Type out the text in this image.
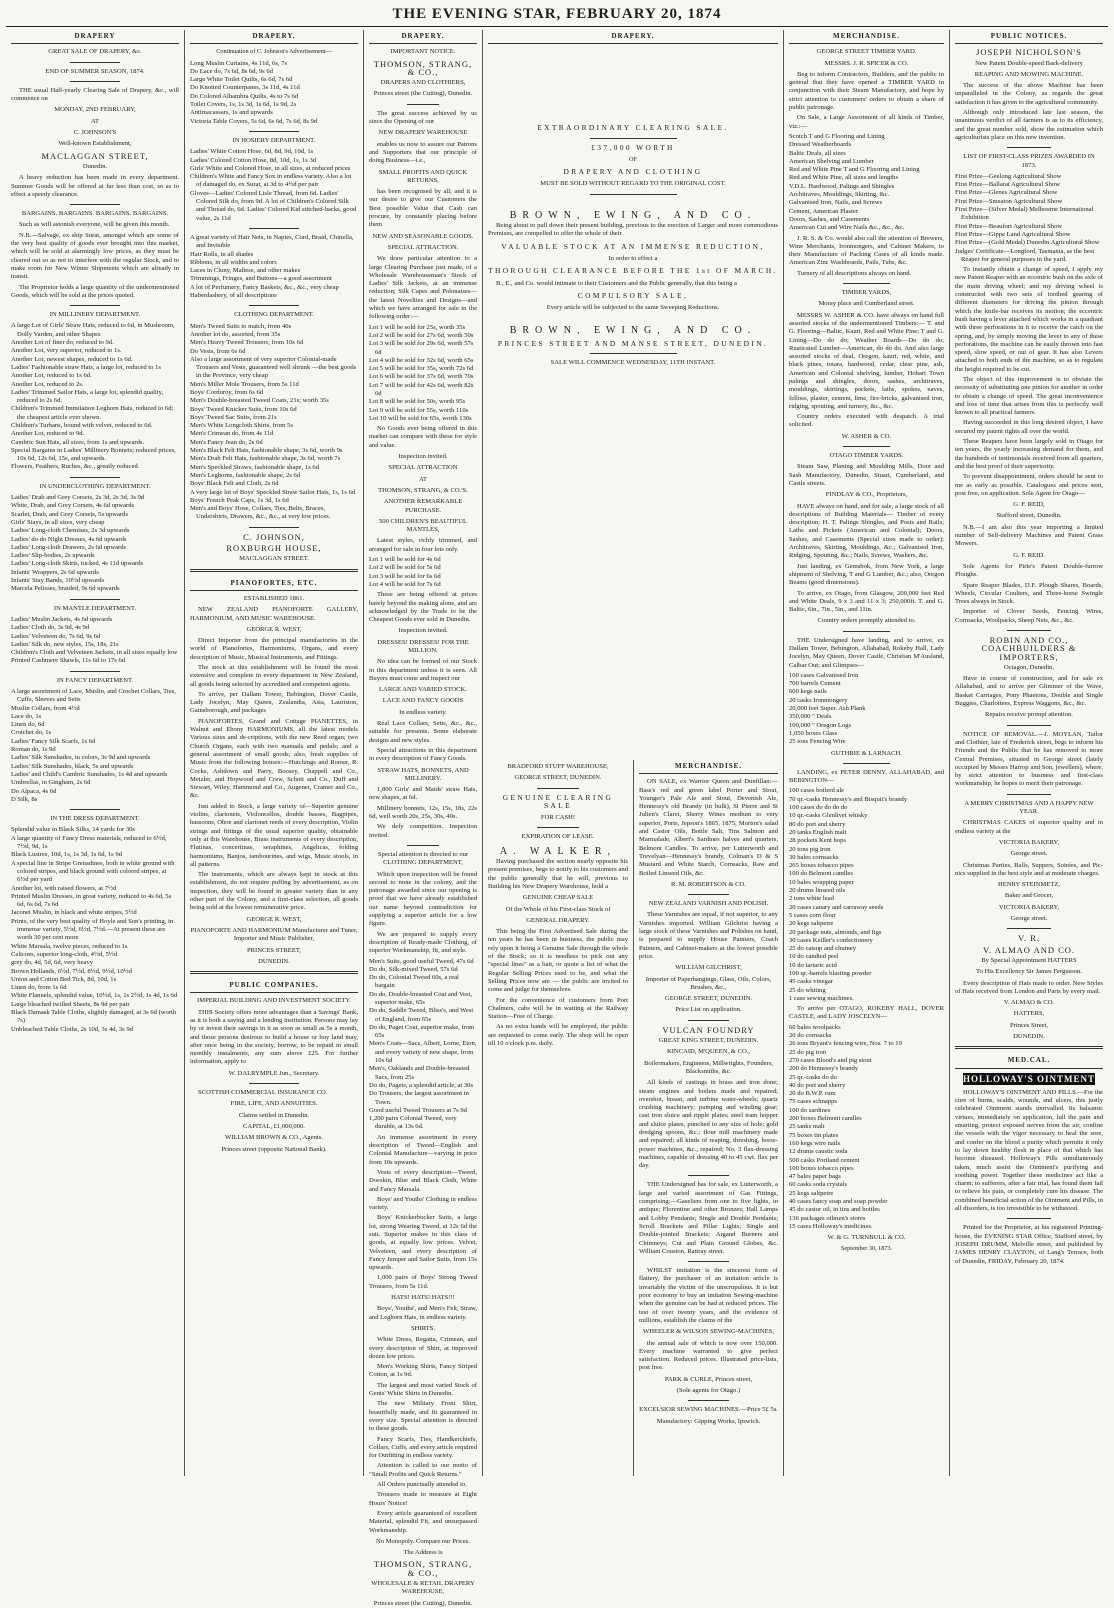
THE EVENING STAR, FEBRUARY 20, 1874
DRAPERY

GREAT SALE OF DRAPERY, &c.

END OF SUMMER SEASON, 1874.

THE usual Half-yearly Clearing Sale of Drapery, &c., will commence on

MONDAY, 2ND FEBRUARY,

AT

C. JOHNSON'S

Well-known Establishment,

MACLAGGAN STREET,

Dunedin.

A heavy reduction has been made in every department. Summer Goods will be offered at far less than cost, so as to effect a speedy clearance.

BARGAINS. BARGAINS. BARGAINS. BARGAINS.

Such as will astonish everyone, will be given this month.

N.B.—Salvage, ex ship Surat, amongst which are some of the very best quality of goods ever brought into this market, which will be sold at alarmingly low prices, as they must be cleared out so as not to interfere with the regular Stock, and to make room for New Winter Shipments which are already in transit.

The Proprietor holds a large quantity of the undermentioned Goods, which will be sold at the prices quoted.

IN MILLINERY DEPARTMENT.

A large Lot of Girls' Straw Hats, reduced to 6d, in Mushroom, Dolly Varden, and other Shapes

Another Lot of finer do, reduced to 9d.

Another Lot, very superior, reduced to 1s.

Another Lot, newest shapes, reduced to 1s 6d.

Ladies' Fashionable straw Hats, a large lot, reduced to 1s

Another Lot, reduced to 1s 6d.

Another Lot, reduced to 2s.

Ladies' Trimmed Sailor Hats, a large lot, splendid quality, reduced to 2s 6d.

Children's Trimmed Immitation Leghorn Hats, reduced to 6d; the cheapest article ever shown.

Children's Turbans, bound with velvet, reduced to 6d.

Another Lot, reduced to 9d.

Cambric Sun Hats, all sizes, from 1s and upwards.

Special Bargains in Ladies' Millinery Bonnets; reduced prices, 10s 6d, 12s 6d, 15s, and upwards.

Flowers, Feathers, Ruches, &c., greatly reduced.

IN UNDERCLOTHING DEPARTMENT.

Ladies' Drab and Grey Corsets, 2s 3d, 2s 3d, 3s 9d

White, Drab, and Grey Corsets, 4s 6d upwards

Scarlet, Drab, and Grey Corsets, 5s upwards

Girls' Stays, in all sizes, very cheap

Ladies' Long-cloth Chemises, 2s 3d upwards

Ladies' do do Night Dresses, 4s 6d upwards

Ladies' Long-cloth Drawers, 2s 6d upwards

Ladies' Slip-bodies, 2s upwards

Ladies' Long-cloth Skirts, tucked, 4s 11d upwards

Infants' Wrappers, 2s 6d upwards

Infants' Stay Bands, 10½d upwards

Marcela Pelisses, braided, 9s 6d upwards

IN MANTLE DEPARTMENT.

Ladies' Muslin Jackets, 4s 6d upwards

Ladies' Cloth do, 3s 9d, 4s 9d

Ladies' Velveteen do, 7s 6d, 9s 6d

Ladies' Silk do, new styles, 15s, 18s, 21s

Children's Cloth and Velveteen Jackets, in all sizes equally low

Printed Cashmere Shawls, 11s 6d to 17s 6d

IN FANCY DEPARTMENT.

A large assortment of Lace, Muslin, and Crochet Collars, Ties, Cuffs, Sleeves and Setts

Muslin Collars, from 4½d

Lace do, 1s

Linen do, 6d

Crotchet do, 1s

Ladies' Fancy Silk Scarfs, 1s 6d

Roman do, 1s 9d

Ladies' Silk Sunshades, in colors, 3s 9d and upwards

Ladies' Silk Sunshades, black, 5s and upwards

Ladies' and Child's Cambric Sunshades, 1s 4d and upwards

Umbrellas, in Gingham, 2s 6d

Do Alpaca, 4s 6d

D Silk, 8s

IN THE DRESS DEPARTMENT.

Splendid value in Black Silks, 14 yards for 30s

A large quantity of Fancy Dress materials, reduced to 6½d, 7½d, 9d, 1s

Black Lustres, 10d, 1s, 1s 3d, 1s 6d, 1s 9d

A special line in Stripe Grenadines, both in white ground with colored stripes, and black ground with colored stripes, at 6½d per yard

Another lot, with raised flowers, at 7½d

Printed Muslin Dresses, in great variety, reduced to 4s 6d, 5s 6d, 6s 6d, 7s 6d

Jaconet Muslin, in black and white stripes, 5½d

Prints, of the very best quality of Hoyle and Son's printing, in immense variety, 5½d, 6½d, 7½d.—At present these are worth 30 per cent more

White Marsala, twelve pieces, reduced to 1s

Calicoes, superior long-cloth, 4½d, 5½d

grey do, 4d, 5d, 6d, very heavy

Brown Hollands, 6½d, 7½d, 8½d, 9½d, 10½d

Union and Cotton Bed Tick, 8d, 10d, 1s

Linen do, from 1s 6d

White Flannels, splendid value, 10½d, 1s, 1s 2½d, 1s 4d, 1s 6d

Large bleached twilled Sheets, 8s 9d per pair

Black Damask Table Cloths, slightly damaged, at 3s 6d (worth 7s)

Unbleached Table Cloths, 2s 10d, 3s 4d, 3s 9d

DRAPERY.

Continuation of C. Johnson's Advertisement—

Long Muslin Curtains, 4s 11d, 6s, 7s

Do Lace do, 7s 6d, 8s 6d, 9s 6d

Large White Toilet Quilts, 6s 6d, 7s 6d

Do Knotted Counterpanes, 3s 11d, 4s 11d

Do Colored Alhambra Quilts, 4s to 7s 6d

Toilet Covers, 1s, 1s 3d, 1s 6d, 1s 9d, 2s

Antimacassars, 1s and upwards

Victoria Table Covers, 5s 6d, 6s 6d, 7s 6d, 8s 9d

IN HOSIERY DEPARTMENT.

Ladies' White Cotton Hose, 6d, 8d, 9d, 10d, 1s

Ladies' Colored Cotton Hose, 8d, 10d, 1s, 1s 3d

Girls' White and Colored Hose, in all sizes, at reduced prices

Children's White and Fancy Sox in endless variety. Also a lot of damaged do, ex Surat, at 3d to 4½d per pair

Gloves—Ladies' Colored Lisle Thread, from 6d. Ladies' Colored Silk do, from 9d. A lot of Children's Colored Silk and Thread do, 6d. Ladies' Colored Kid stitched-backs, good value, 2s 11d

A great variety of Hair Nets, in Napies, Cord, Braid, Chinella, and Invisible

Hair Rolls, in all shades

Ribbons, in all widths and colors

Laces in Cluny, Maltese, and other makes

Trimmings, Fringes, and Buttons—a good assortment

A lot of Perfumery, Fancy Baskets, &c., &c., very cheap

Haberdashery, of all descriptions

CLOTHING DEPARTMENT.

Men's Tweed Suits to match, from 40s

Another lot do, assorted, from 35s

Men's Heavy Tweed Trousers, from 10s 6d

Do Vests, from 6s 6d

Also a large assortment of very superior Colonial-made Trousers and Vests, guaranteed well shrunk —the best goods in the Province, very cheap

Men's Miller Mole Trousers, from 5s 11d

Boys' Corduroy, from 6s 6d

Men's Double-breasted Tweed Coats, 21s; worth 35s

Boys' Tweed Knicker Suits, from 10s 6d

Boys' Tweed Sac Suits, from 21s

Men's White Longcloth Shirts, from 5s

Men's Crimean do, from 4s 11d

Men's Fancy Jean do, 2s 6d

Men's Black Felt Hats, fashionable shape, 3s 6d, worth 9s

Men's Drab Felt Hats, fashionable shape, 3s 6d, worth 7s

Men's Speckled Straws, fashionable shape, 1s 6d

Men's Leghorns, fashionable shape, 2s 6d

Boys' Black Felt and Cloth, 2s 6d

A very large lot of Boys' Speckled Straw Sailor Hats, 1s, 1s 6d

Boys' French Peak Caps, 1s 3d, 1s 6d

Men's and Boys' Hose, Collars, Ties, Belts, Braces, Undershirts, Drawers, &c., &c., at very low prices.

C. JOHNSON,

ROXBURGH HOUSE,

MACLAGGAN STREET.

PIANOFORTES, ETC.

ESTABLISHED 1861.

NEW ZEALAND PIANOFORTE GALLERY, HARMONIUM, AND MUSIC WAREHOUSE.

GEORGE R. WEST,

Direct Importer from the principal manufactories in the world of Pianofortes, Harmoniums, Organs, and every description of Music, Musical Instruments, and Fittings.

The stock at this establishment will be found the most extensive and complete in every department in New Zealand, all goods being selected by accredited and competent agents.

To arrive, per Dallam Tower, Bebington, Dover Castle, Lady Jocelyn, May Queen, Zealandia, Asia, Lauriston, Gainsborough, and packages

PIANOFORTES, Grand and Cottage PIANETTES, in Walnut and Ebony HARMONIUMS, all the latest models Various sizes and de-criptions, with the new Reed organ; two Church Organs, each with two manuals and pedals; and a general assortment of small goods; also, fresh supplies of Music from the following houses:—Hutchings and Romer, R. Cocks, Ashdown and Parry, Boosey, Chappell and Co., Metzler, and Hopwood and Crew, Schott and Co., Duff and Stewart, Wiley, Hammond and Co., Augener, Cramer and Co., &c.

Just added to Stock, a large variety of—Superior genuine violins, clarionets, Violoncellos, double basses, Bagpipes, bassoons, Oboe and clarionet reeds of every description, Violin strings and fittings of the usual superior quality, obtainable only at this Warehouse, Brass instruments of every description, Flutinas, concertinas, seraphines, Angelicas, folding harmoniums, Banjos, tambourines, and wigs, Music stools, in all patterns.

The instruments, which are always kept in stock at this establishment, do not require puffing by advertisement, as on inspection, they will be found in greater variety than in any other part of the Colony, and a first-class selection, all goods being sold at the lowest remunerative price.

GEORGE R. WEST,

PIANOFORTE AND HARMONIUM Manufacturer and Tuner, Importer and Music Publisher,

PRINCES STREET,

DUNEDIN.

PUBLIC COMPANIES.

IMPERIAL BUILDING AND INVESTMENT SOCIETY.

THIS Society offers more advantages than a Savings' Bank, as it is both a saving and a lending institution. Persons may lay by or invest their savings in it as soon as small as 5s a month, and those persons desirous to build a house or buy land may, after once being in the society, borrow, to be repaid in small monthly instalments, any sum above £25. For further information, apply to

W. DALRYMPLE Jun., Secretary.

SCOTTISH COMMERCIAL INSURANCE CO.

FIRE, LIFE, AND ANNUITIES.

Claims settled in Dunedin.

CAPITAL, £1,000,000.

WILLIAM BROWN & CO., Agents.

Princes street (opposite National Bank).

DRAPERY.

IMPORTANT NOTICE.

THOMSON, STRANG, & CO.,

DRAPERS AND CLOTHIERS,

Princes street (the Cutting), Dunedin.

The great success achieved by us since the Opening of our

NEW DRAPERY WAREHOUSE

enables us now to assure our Patrons and Supporters that our principle of doing Business—i.e.,

SMALL PROFITS AND QUICK RETURNS,

has been recognised by all; and it is our desire to give our Customers the Best possible Value that Cash can procure, by constantly placing before them

NEW AND SEASONABLE GOODS.

SPECIAL ATTRACTION.

We draw particular attention to a large Clearing Purchase just made, of a Wholesale Warehouseman's Stock of Ladies' Silk Jackets, at an immense reduction; Silk Capes and Polonaises—the latest Novelties and Designs—and which we have arranged for sale in the following order:—

Lot 1 will be sold for 25s, worth 35s

Lot 2 will be sold for 27s 6d, worth 50s

Lot 3 will be sold for 29s 6d, worth 57s 6d

Lot 4 will be sold for 32s 6d, worth 65s

Lot 5 will be sold for 35s, worth 72s 6d

Lot 6 will be sold for 37s 6d, worth 70s

Lot 7 will be sold for 42s 6d, worth 82s 6d

Lot 8 will be sold for 50s, worth 95s

Lot 9 will be sold for 55s, worth 110s

Lot 10 will be sold for 65s, worth 130s

No Goods ever being offered in this market can compare with these for style and value.

Inspection invited.

SPECIAL ATTRACTION

AT

THOMSON, STRANG, & CO.'S.

ANOTHER REMARKABLE PURCHASE.

500 CHILDREN'S BEAUTIFUL MANTLES,

Latest styles, richly trimmed, and arranged for sale in four lots only.

Lot 1 will be sold for 4s 6d

Lot 2 will be sold for 5s 6d

Lot 3 will be sold for 6s 6d

Lot 4 will be sold for 7s 6d

These are being offered at prices barely beyond the making alone, and are acknowledged by the Trade to be the Cheapest Goods ever sold in Dunedin.

Inspection invited.

DRESSES! DRESSES! FOR THE MILLION.

No idea can be formed of our Stock in this department unless it is seen. All Buyers must come and inspect our

LARGE AND VARIED STOCK.

LACE AND FANCY GOODS

In endless variety.

Real Lace Collars, Setts, &c., &c., suitable for presents. Some elaborate designs and new styles.

Special attractions in this department in every description of Fancy Goods.

STRAW HATS, BONNETS, AND MILLINERY.

1,800 Girls' and Maids' straw Hats, new shapes, at 6d.

Millinery bonnets, 12s, 15s, 18s, 22s 6d, well worth 20s, 25s, 30s, 40s.

We defy competition. Inspection invited.

Special attention is directed to our CLOTHING DEPARTMENT,

Which upon inspection will be found second to none in the colony, and the patronage awarded since our opening is proof that we have already established our name beyond contradiction for supplying a superior article for a low figure.

We are prepared to supply every description of Ready-made Clothing, of superior Workmanship, fit, and style.

Men's Suits, good useful Tweed, 47s 6d

Do do, Silk-mixed Tweed, 57s 6d

Do do, Colonial Tweed 60s, a real bargain

Do do, Double-breasted Coat and Vest, superior make, 65s

Do do, Saddle Tweed, Bliss's, and West of England, from 65s

Do do, Paget Coat, superior make, from 65s

Men's Coats—Sacs, Albert, Lorne, Eton, and every variety of new shape, from 10s 6d

Men's, Oaklands and Double-breasted Sacs, from 25s

Do do, Pagets, a splendid article, at 30s

Do Trousers, the largest assortment in Town.

Good useful Tweed Trousers at 7s 9d

1,200 pairs Colonial Tweed, very durable, at 13s 6d.

An immense assortment in every description of Tweed—English and Colonial Manufacture—varying in price from 10s upwards.

Vests of every description—Tweed, Doeskin, Blue and Black Cloth, White and Fancy Marsala.

Boys' and Youths' Clothing in endless variety.

Boys' Knickerbocker Suits, a large lot, strong Wearing Tweed, at 12s 6d the suit. Superior makes in this class of goods, at equally low prices. Velvet, Velveteen, and every description of Fancy Jumper and Sailor Suits, from 15s upwards.

1,000 pairs of Boys' Strong Tweed Trousers, from 5s 11d.

HATS! HATS! HATS!!!

Boys', Youths', and Men's Felt, Straw, and Leghorn Hats, in endless variety.

SHIRTS.

White Dress, Regatta, Crimean, and every description of Shirt, at improved dozen low prices.

Men's Working Shirts, Fancy Striped Cotton, at 1s 9d.

The largest and most varied Stock of Gents' White Shirts in Dunedin.

The new Military Front Shirt, beautifully made, and fit guaranteed in every size. Special attention is directed to these goods.

Fancy Scarfs, Ties, Handkerchiefs, Collars, Cuffs, and every article required for Outfitting in endless variety.

Attention is called to our motto of "Small Profits and Quick Returns."

All Orders punctually attended to.

Trousers made to measure at Eight Hours' Notice!

Every article guaranteed of excellent Material, splendid Fit, and unsurpassed Workmanship.

No Monopoly. Compare our Prices.

The Address is

THOMSON, STRANG, & CO.,

WHOLESALE & RETAIL DRAPERY WAREHOUSE,

Princes street (the Cutting), Dunedin.

DRAPERY.

EXTRAORDINARY CLEARING SALE.

£37,000 WORTH

OF

DRAPERY AND CLOTHING

MUST BE SOLD WITHOUT REGARD TO THE ORIGINAL COST.

BROWN, EWING, AND CO.

Being about to pull down their present building, previous to the erection of Larger and more commodious Premises, are compelled to offer the whole of their

VALUABLE STOCK AT AN IMMENSE REDUCTION,

In order to effect a

THOROUGH CLEARANCE BEFORE THE 1st OF MARCH.

B., E., and Co. would intimate to their Customers and the Public generally, that this being a

COMPULSORY SALE,

Every article will be subjected to the same Sweeping Reductions.

BROWN, EWING, AND CO.

PRINCES STREET AND MANSE STREET, DUNEDIN.

SALE WILL COMMENCE WEDNESDAY, 11TH INSTANT.

BRADFORD STUFF WAREHOUSE,

GEORGE STREET, DUNEDIN.

GENUINE CLEARING SALE

FOR CASH!

EXPIRATION OF LEASE.

A. WALKER,

Having purchased the section nearly opposite his present premises, begs to notify to his customers and the public generally that he will, previous to Building his New Drapery Warehouse, hold a

GENUINE CHEAP SALE

Of the Whole of his First-class Stock of

GENERAL DRAPERY.

This being the First Advertised Sale during the ten years he has been in business, the public may rely upon it being a Genuine Sale through the whole of the Stock; so it is needless to pick out any "special lines" as a bait, or quote a list of what the Regular Selling Prices used to be, and what the Selling Prices now are — the public are invited to come and judge for themselves.

For the convenience of customers from Port Chalmers, cabs will be in waiting at the Railway Station—Free of Charge.

As no extra hands will be employed, the public are requested to come early. The shop will be open till 10 o'clock p.m. daily.

MERCHANDISE.

ON SALE, ex Warrior Queen and Dunfillan:—Bass's red and green label Porter and Stout, Younger's Pale Ale and Stout, Devenish Ale, Hennessy's old Brandy (in bulk), St Pierre and St Julien's Claret, Sherry Wines medium to very superior, Ports, Jepson's 1865, 1875, Morton's salad and Castor Oils, Bottle Salt, Tins Salmon and Marmalade, Albert's Sardines halves and quarters, Belmont Candles. To arrive, per Lutterworth and Trevelyan—Hennessy's brandy, Colman's D & S Mustard and White Starch, Cornsacks, Raw and Boiled Linseed Oils, &c.

R. M. ROBERTSON & CO.

NEW ZEALAND VARNISH AND POLISH.

These Varnishes are equal, if not superior, to any Varnishes imported. William Gilchrist having a large stock of these Varnishes and Polishes on hand, is prepared to supply House Painters, Coach Painters, and Cabinet-makers at the lowest possible price.

WILLIAM GILCHRIST,

Importer of Paperhangings, Glass, Oils, Colors, Brushes, &c.,

GEORGE STREET, DUNEDIN.

Price List on application.

VULCAN FOUNDRY

GREAT KING STREET, DUNEDIN.

KINCAID, M'QUEEN, & CO.,

Boilermakers, Engineers, Millwrights, Founders, Blacksmiths, &c.

All kinds of castings in brass and iron done; steam engines and boilers made and repaired; overshot, breast, and turbine water-wheels; quartz crushing machinery; pumping and winding gear; cast iron sluice and ripple plates; steel tram hopper and sluice plates, punched to any size of hole; gold dredging spoons, &c.; flour mill machinery made and repaired; all kinds of reaping, threshing, horse-power machines, &c., repaired; No. 3 flax-dressing machines, capable of dressing 40 to 45 cwt. flax per day.

THE Undersigned has for sale, ex Lutterworth, a large and varied assortment of Gas Fittings, comprising:—Gaseliers from one to five lights, in antique; Florentine and other Bronzes; Hall Lamps and Lobby Pendants; Single and Double Pendants; Scroll Brackets and Pillar Lights; Single and Double-jointed Brackets; Argand Burners and Chimneys; Cut and Plain Ground Globes, &c. William Couston, Rattray street.

WHILST imitation is the sincerest form of flattery, the purchaser of an imitation article is invariably the victim of the unscrupulous. It is but poor economy to buy an imitation Sewing-machine when the genuine can be had at reduced prices. The test of over twenty years, and the evidence of millions, establish the claims of the

WHEELER & WILSON SEWING-MACHINES,

the annual sale of which is now over 150,000. Every machine warranted to give perfect satisfaction. Reduced prices. Illustrated price-lists, post free.

PARK & CURLE, Princes street,

(Sole agents for Otago.)

EXCELSIOR SEWING MACHINES.—Price 5£ 5s.

Manufactory: Gipping Works, Ipswich.

MERCHANDISE.

GEORGE STREET TIMBER YARD.

MESSRS. J. R. SPICER & CO.

Beg to inform Contractors, Builders, and the public in general that they have opened a TIMBER YARD in conjunction with their Steam Manufactory, and hope by strict attention to customers' orders to obtain a share of public patronage.

On Sale, a Large Assortment of all kinds of Timber, viz.:—

Scotch T and G Flooring and Lining

Dressed Weatherboards

Baltic Deals, all sizes

American Shelving and Lumber

Red and White Pine T and G Flooring and Lining

Red and White Pine, all sizes and lengths

V.D.L. Hardwood, Palings and Shingles

Architraves, Mouldings, Skirting, &c.

Galvanised Iron, Nails, and Screws

Cement, American Plaster

Doors, Sashes, and Casements

American Cut and Wire Nails &c., &c., &c.

J. R. S. & Co. would also call the attention of Brewers, Wine Merchants, Ironmongers, and Cabinet Makers, to their Manufacture of Packing Cases of all kinds made. American Zinc Washboards, Pails, Tubs, &c.

Turnery of all descriptions always on hand.

TIMBER YARDS,

Moray place and Cumberland street.

MESSRS W. ASHER & CO. have always on hand full assorted stocks of the undermentioned Timbers:— T. and G. Flooring—Baltic, Kauri, Red and White Pine; T and G. Lining—Do do do; Weather Boards—Do do do; Rusticated Lumber—American, do do do. And also large assorted stocks of deal, Oregon, kauri, red, white, and black pines, totara, hardwood, cedar, clear pine, ash, American and Colonial shelving, lumber, Hobart Town palings and shingles, doors, sashes, architraves, mouldings, skirtings, pockets, laths, spokes, naves, felloes, plaster, cement, lime, fire-bricks, galvanised iron, ridging, spouting, and turnery, &c., &c.

Country orders executed with despatch. A trial solicited.

W. ASHER & CO.

OTAGO TIMBER YARDS.

Steam Saw, Planing and Moulding Mills, Door and Sash Manufactory, Dunedin, Stuart, Cumberland, and Castle streets.

FINDLAY & CO., Proprietors,

HAVE always on hand, and for sale, a large stock of all descriptions of Building Materials— Timber of every description; H. T. Palings Shingles, and Posts and Rails; Laths and Pickets (American and Colonial); Doors, Sashes, and Casements (Special sizes made to order); Architraves, Skirting, Mouldings, &c.; Galvanised Iron, Ridging, Spouting, &c.; Nails, Screws, Washers, &c.

Just landing, ex Gemsbok, from New York, a large shipment of Shelving, T and G Lumber, &c.; also, Oregon Beams (good dimensions).

To arrive, ex Otago, from Glasgow, 200,000 feet Red and White Deals, 9 x 3 and 11 x 3; 250,000ft. T. and G. Baltic, 6in., 7in., 5in., and 11in.

Country orders promptly attended to.

THE Undersigned have landing, and to arrive, ex Dallam Tower, Bebington, Allahabad, Rokeby Hall, Lady Jocelyn, May Queen, Dover Castle, Christian M'Ausland, Calbar Out; and Glimpses—

100 cases Galvanised Iron

700 barrels Cement

600 kegs nails

20 casks Ironmongery

20,000 feet Super. Ash Plank

350,000 " Deals

100,000 " Oregon Logs

1,050 boxes Glass

25 tons Fencing Wire

GUTHRIE & LARNACH.

LANDING, ex PETER DENNY, ALLAHABAD, and BEBINGTON—

100 cases boilerd ale

70 qr.-casks Hennessy's and Bisquit's brandy

100 cases do do do do

10 qr.-casks Glenlivet whisky

80 do port and sherry

20 tanks English malt

28 pockets Kent hops

20 tons pig iron

30 bales cornsacks

265 boxes tobacco pipes

100 do Belmont candles

10 bales wrapping paper

20 drums linseed oils

2 tons white lead

20 cases canary and carraway seeds

5 cases corn flour

20 kegs saltpetre

20 package nuts, almonds, and figs

30 cases Keiller's confectionery

25 do catsup and chutney

10 do candied peel

10 do tartaric acid

100 qr.-barrels blasting powder

45 casks vinegar

25 do whiting

1 case sewing machines.

To arrive per OTAGO, ROKEBY HALL, DOVER CASTLE, and LADY JOSCELYN—

60 bales woolpacks

20 do cornsacks

26 tons Bryant's fencing wire, Nos. 7 to 19

25 do pig iron

270 cases Blood's and pig stout

200 do Hennessy's brandy

25 qr.-casks do do

40 do port and sherry

20 do B.W.P. rum

75 cases schnapps

100 do sardines

200 boxes Belmont candles

25 tanks malt

75 boxes tin plates

160 kegs wire nails

12 drums caustic soda

500 casks Portland cement

100 boxes tobacco pipes

47 bales paper bags

60 casks soda crystals

25 kegs saltpetre

40 cases fancy soap and soap powder

45 do castor oil, in tins and bottles

136 packages oilmen's stores

15 cases Holloway's medicines.

W. & G. TURNBULL & CO.

September 30, 1873.

PUBLIC NOTICES.

JOSEPH NICHOLSON'S

New Patent Double-speed Back-delivery

REAPING AND MOWING MACHINE.

The success of the above Machine has been unparalleled in the Colony, as regards the great satisfaction it has given to the agricultural community.

Although only introduced late last season, the unanimous verdict of all farmers is as to its efficiency, and the great number sold, show the estimation which agriculturists place on this new invention.

LIST OF FIRST-CLASS PRIZES AWARDED IN 1873.

First Prize—Geelong Agricultural Show

First Prize—Ballarat Agricultural Show

First Prize—Glenes Agricultural Show

First Prize—Smeaton Agricultural Show

First Prize—(Silver Medal) Melbourne International Exhibition

First Prize—Beaufort Agricultural Show

First Prize—Gippe Land Agricultural Show

First Prize—(Gold Medal) Dunedin Agricultural Show

Judges' Certificate—Longford, Tasmania, as the best Reaper for general purposes in the yard.

To instantly obtain a change of speed, I apply my new Patent Reaper with an eccentric bush on the axle of the main driving wheel; and my driving wheel is constructed with two sets of toothed gearing of different diameters for driving the pinion through which the knife-bar receives its motion; the eccentric bush having a lever attached which works in a quadrant with three perforations in it to receive the catch on the spring, and, by simply moving the lever to any of these perforations, the machine can be easily thrown into fast speed, slow speed, or out of gear. It has also Levers attached to both ends of the machine, so as to regulate the height required to be cut.

The object of this improvement is to obviate the necessity of substituting one pinion for another in order to obtain a change of speed. The great inconvenience and loss of time that arises from this is perfectly well known to all practical farmers.

Having succeeded in this long desired object, I have secured my patent rights all over the world.

These Reapers have been largely sold in Otago for ten years, the yearly increasing demand for them, and the hundreds of testimonials received from all quarters, and the best proof of their superiority.

To prevent disappointment, orders should be sent to me as early as possible. Catalogues and prices sent, post free, on application. Sole Agent for Otago—

G. F. REID,

Stafford street, Dunedin.

N.B.—I am also this year importing a limited number of Self-delivery Machines and Patent Grass Mowers.

G. F. REID.

Sole Agents for Pirie's Patent Double-furrow Ploughs.

Spare Reaper Blades, D.F. Plough Shares, Boards, Wheels, Circular Coulters, and Three-horse Swingle Trees always in Stock.

Importer of Clover Seeds, Fencing Wires, Cornsacks, Woolpacks, Sheep Nets, &c., &c.

ROBIN AND CO., COACHBUILDERS & IMPORTERS,

Octagon, Dunedin,

Have in course of construction, and for sale ex Allahabad, and to arrive per Glimmer of the Wave, Basket Carriages, Pony Phaetons, Double and Single Buggies, Charlottees, Express Waggons, &c., &c.

Repairs receive prompt attention.

NOTICE OF REMOVAL.—J. MOYLAN, Tailor and Clothier, late of Frederick street, begs to inform his Friends and the Public that he has removed to more Central Premises, situated in George street (lately occupied by Messrs Harrop and Son, jewellers), where, by strict attention to business and first-class workmanship, he hopes to merit their patronage.

A MERRY CHRISTMAS AND A HAPPY NEW YEAR.

CHRISTMAS CAKES of superior quality and in endless variety at the

VICTORIA BAKERY,

George street.

Christmas Parties, Balls, Suppers, Soirées, and Pic-nics supplied in the best style and at moderate charges.

HENRY STEINMETZ,

Baker and Grocer,

VICTORIA BAKERY,

George street.

V. R.

V. ALMAO AND CO.

By Special Appointment HATTERS

To His Excellency Sir James Fergusson.

Every description of Hats made to order. New Styles of Hats received from London and Paris by every mail.

V. ALMAO & CO.

HATTERS,

Princes Street,

DUNEDIN.

MED.CAL.

HOLLOWAY'S OINTMENT

HOLLOWAY'S OINTMENT AND PILLS.—For the cure of burns, scalds, wounds, and ulcers, this justly celebrated Ointment stands unrivalled. Its balsamic virtues, immediately on application, lull the pain and smarting, protect exposed nerves from the air, confine the vessels with the vigor necessary to heal the sore, and confer on the blood a purity which permits it only to lay down healthy flesh in place of that which has become diseased. Holloway's Pills simultaneously taken, much assist the Ointment's purifying and soothing power. Together these medicines act like a charm; to sufferers, after a fair trial, has found them fail to relieve his pain, or completely cure his disease. The combined beneficial action of the Ointment and Pills, in all disorders, is too irresistible to be withstood.

Printed for the Proprietor, at his registered Printing-house, the EVENING STAR Office, Stafford street, by JOSEPH DRUMM, Melville street, and published by JAMES HENRY CLAYTON, of Lang's Terrace, both of Dunedin, FRIDAY, February 20, 1874.
